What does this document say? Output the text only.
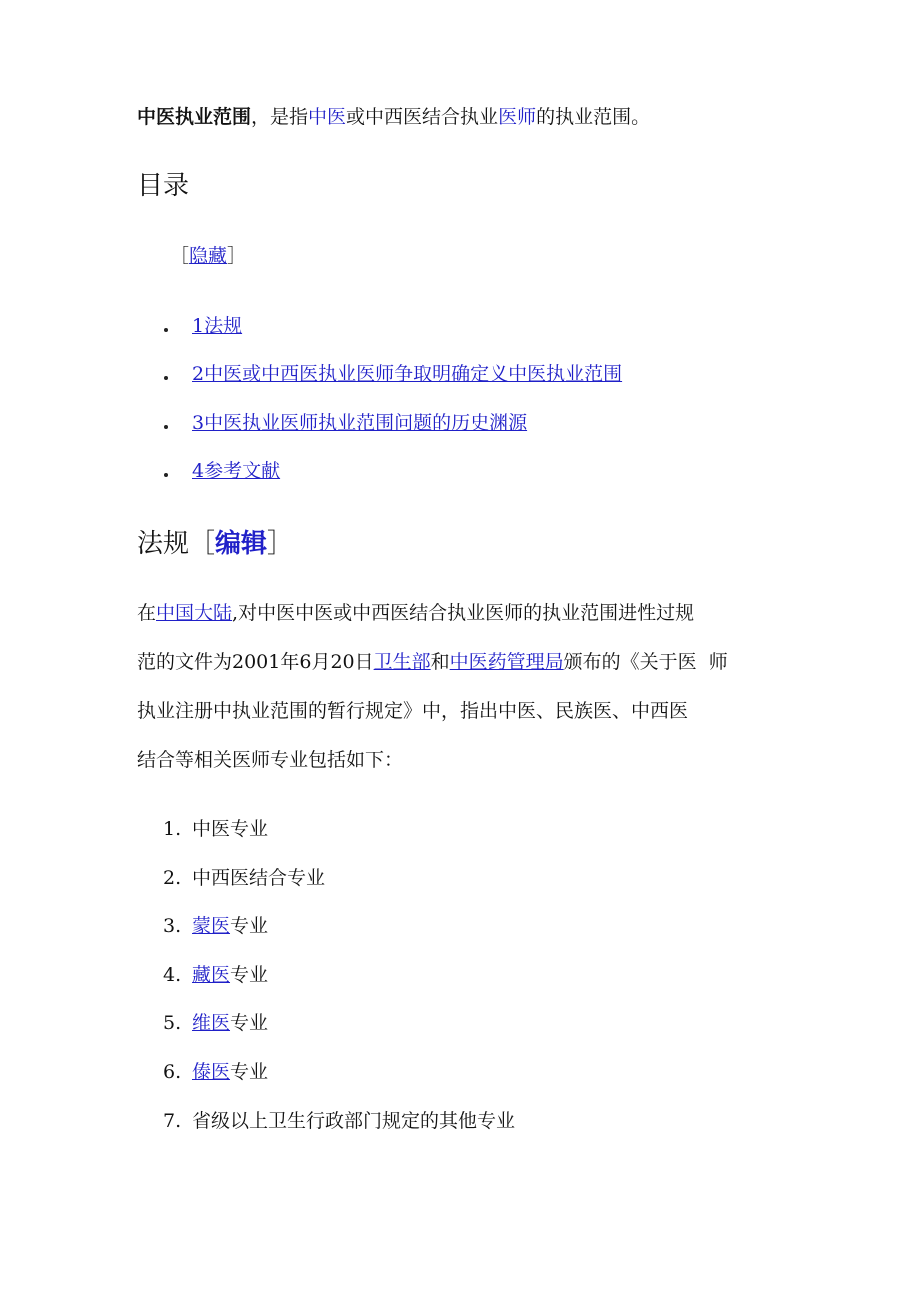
中医执业范围，是指中医或中西医结合执业医师的执业范围。
目录
［隐藏］
1法规
2中医或中西医执业医师争取明确定义中医执业范围
3中医执业医师执业范围问题的历史渊源
4参考文献
法规［编辑］
在中国大陆,对中医中医或中西医结合执业医师的执业范围进性过规
范的文件为2001年6月20日卫生部和中医药管理局颁布的《关于医  师
执业注册中执业范围的暂行规定》中，指出中医、民族医、中西医
结合等相关医师专业包括如下：
1. 中医专业
2. 中西医结合专业
3. 蒙医专业
4. 藏医专业
5. 维医专业
6. 傣医专业
7. 省级以上卫生行政部门规定的其他专业
